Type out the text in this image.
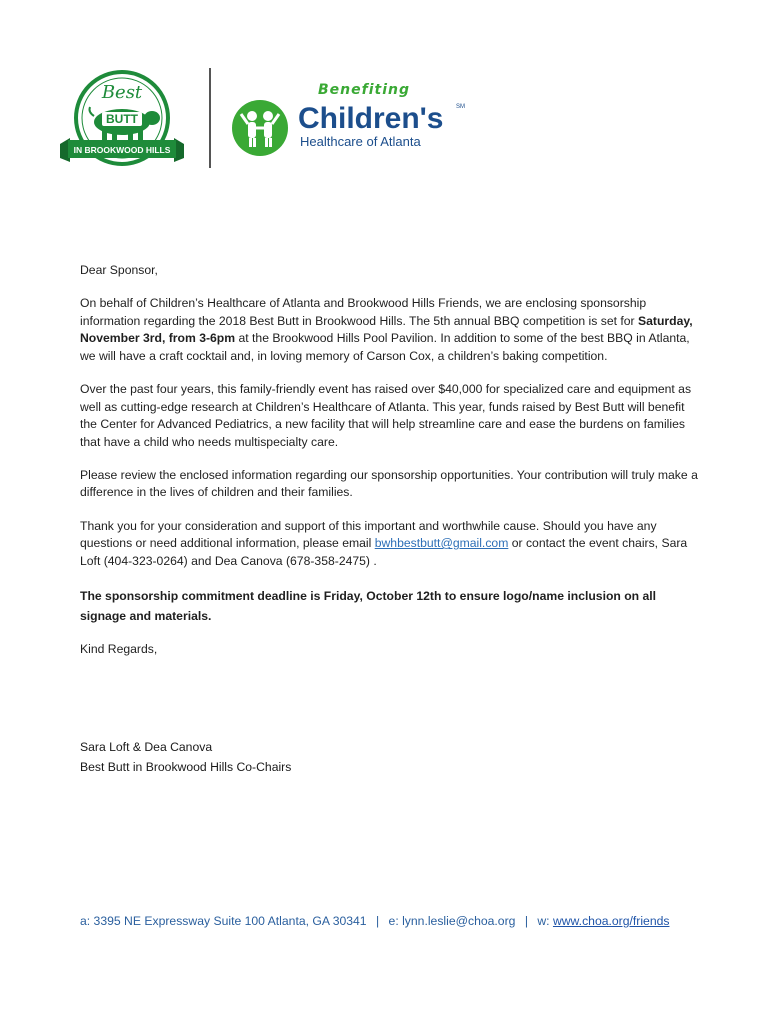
Best
BUTT
IN BROOKWOOD HILLS
Benefiting
Children's SM
Healthcare of Atlanta

Dear Sponsor,

On behalf of Children’s Healthcare of Atlanta and Brookwood Hills Friends, we are enclosing sponsorship information regarding the 2018 Best Butt in Brookwood Hills. The 5th annual BBQ competition is set for Saturday, November 3rd, from 3-6pm at the Brookwood Hills Pool Pavilion. In addition to some of the best BBQ in Atlanta, we will have a craft cocktail and, in loving memory of Carson Cox, a children’s baking competition.

Over the past four years, this family-friendly event has raised over $40,000 for specialized care and equipment as well as cutting-edge research at Children’s Healthcare of Atlanta. This year, funds raised by Best Butt will benefit the Center for Advanced Pediatrics, a new facility that will help streamline care and ease the burdens on families that have a child who needs multispecialty care.

Please review the enclosed information regarding our sponsorship opportunities. Your contribution will truly make a difference in the lives of children and their families.

Thank you for your consideration and support of this important and worthwhile cause. Should you have any questions or need additional information, please email bwhbestbutt@gmail.com or contact the event chairs, Sara Loft (404-323-0264) and Dea Canova (678-358-2475) .

The sponsorship commitment deadline is Friday, October 12th to ensure logo/name inclusion on all signage and materials.

Kind Regards,

Sara Loft & Dea Canova
Best Butt in Brookwood Hills Co-Chairs
a: 3395 NE Expressway Suite 100 Atlanta, GA 30341 | e: lynn.leslie@choa.org | w: www.choa.org/friends
